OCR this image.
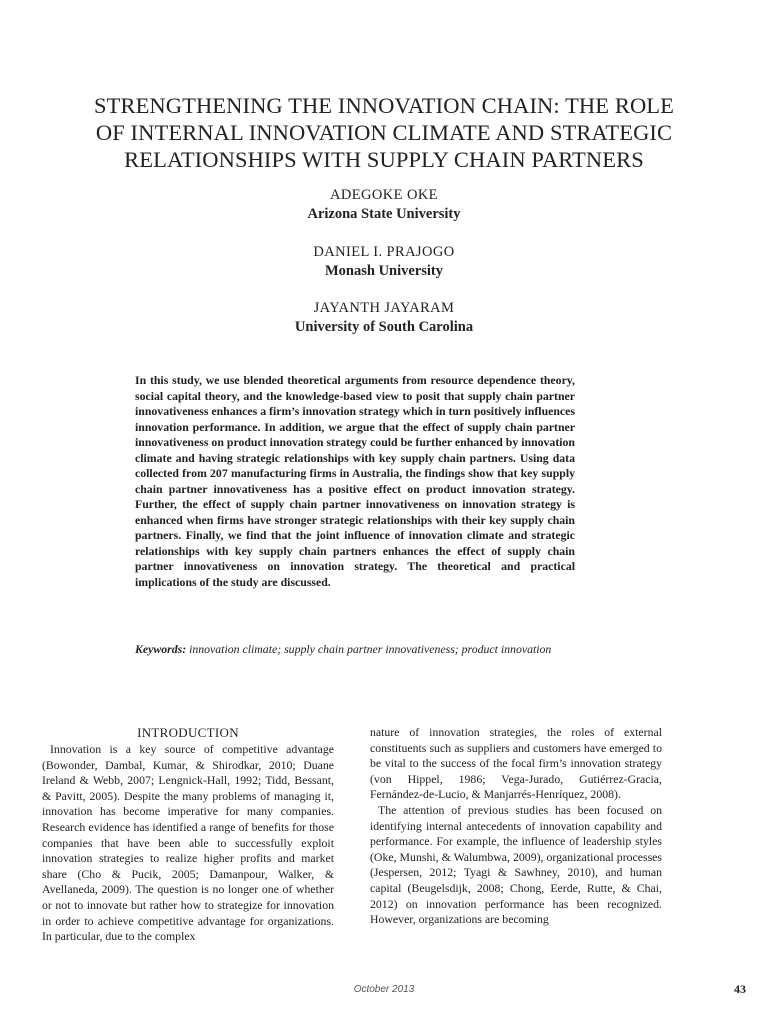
STRENGTHENING THE INNOVATION CHAIN: THE ROLE
OF INTERNAL INNOVATION CLIMATE AND STRATEGIC
RELATIONSHIPS WITH SUPPLY CHAIN PARTNERS
ADEGOKE OKE
Arizona State University
DANIEL I. PRAJOGO
Monash University
JAYANTH JAYARAM
University of South Carolina
In this study, we use blended theoretical arguments from resource dependence theory, social capital theory, and the knowledge-based view to posit that supply chain partner innovativeness enhances a firm’s innovation strategy which in turn positively influences innovation performance. In addition, we argue that the effect of supply chain partner innovativeness on product innovation strategy could be further enhanced by innovation climate and having strategic relationships with key supply chain partners. Using data collected from 207 manufacturing firms in Australia, the findings show that key supply chain partner innovativeness has a positive effect on product innovation strategy. Further, the effect of supply chain partner innovativeness on innovation strategy is enhanced when firms have stronger strategic relationships with their key supply chain partners. Finally, we find that the joint influence of innovation climate and strategic relationships with key supply chain partners enhances the effect of supply chain partner innovativeness on innovation strategy. The theoretical and practical implications of the study are discussed.
Keywords: innovation climate; supply chain partner innovativeness; product innovation
INTRODUCTION

Innovation is a key source of competitive advantage (Bowonder, Dambal, Kumar, & Shirodkar, 2010; Duane Ireland & Webb, 2007; Lengnick-Hall, 1992; Tidd, Bessant, & Pavitt, 2005). Despite the many problems of managing it, innovation has become imperative for many companies. Research evidence has identified a range of benefits for those companies that have been able to successfully exploit innovation strategies to realize higher profits and market share (Cho & Pucik, 2005; Damanpour, Walker, & Avellaneda, 2009). The question is no longer one of whether or not to innovate but rather how to strategize for innovation in order to achieve competitive advantage for organizations. In particular, due to the complex

nature of innovation strategies, the roles of external constituents such as suppliers and customers have emerged to be vital to the success of the focal firm’s innovation strategy (von Hippel, 1986; Vega-Jurado, Gutiérrez-Gracia, Fernández-de-Lucio, & Manjarrés-Henríquez, 2008).

The attention of previous studies has been focused on identifying internal antecedents of innovation capability and performance. For example, the influence of leadership styles (Oke, Munshi, & Walumbwa, 2009), organizational processes (Jespersen, 2012; Tyagi & Sawhney, 2010), and human capital (Beugelsdijk, 2008; Chong, Eerde, Rutte, & Chai, 2012) on innovation performance has been recognized. However, organizations are becoming

October 2013	43
